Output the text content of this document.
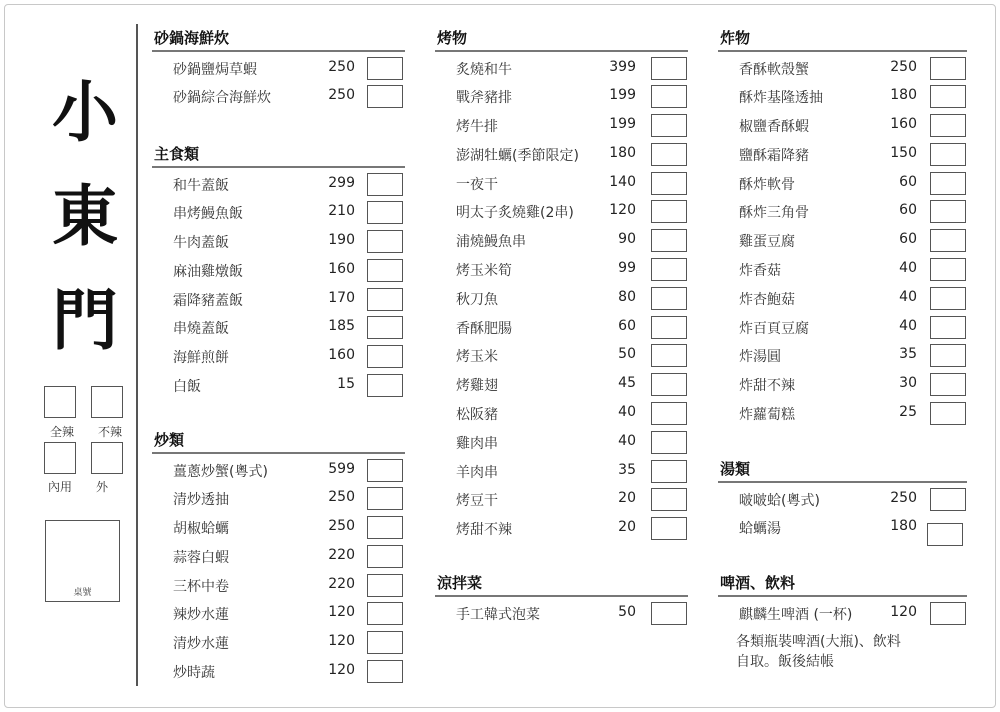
小
東
門
全辣 不辣
內用 外
桌號
砂鍋海鮮炊
砂鍋鹽焗草蝦	250
砂鍋綜合海鮮炊	250
主食類
和牛蓋飯	299
串烤鰻魚飯	210
牛肉蓋飯	190
麻油雞燉飯	160
霜降豬蓋飯	170
串燒蓋飯	185
海鮮煎餅	160
白飯	15
炒類
薑蔥炒蟹(粵式)	599
清炒透抽	250
胡椒蛤蠣	250
蒜蓉白蝦	220
三杯中卷	220
辣炒水蓮	120
清炒水蓮	120
炒時蔬	120
烤物
炙燒和牛	399
戰斧豬排	199
烤牛排	199
澎湖牡蠣(季節限定)	180
一夜干	140
明太子炙燒雞(2串)	120
浦燒鰻魚串	90
烤玉米筍	99
秋刀魚	80
香酥肥腸	60
烤玉米	50
烤雞翅	45
松阪豬	40
雞肉串	40
羊肉串	35
烤豆干	20
烤甜不辣	20
涼拌菜
手工韓式泡菜	50
炸物
香酥軟殼蟹	250
酥炸基隆透抽	180
椒鹽香酥蝦	160
鹽酥霜降豬	150
酥炸軟骨	60
酥炸三角骨	60
雞蛋豆腐	60
炸香菇	40
炸杏鮑菇	40
炸百頁豆腐	40
炸湯圓	35
炸甜不辣	30
炸蘿蔔糕	25
湯類
啵啵蛤(粵式)	250
蛤蠣湯	180
啤酒、飲料
麒麟生啤酒 (一杯)	120
各類瓶裝啤酒(大瓶)、飲料
自取。飯後結帳
